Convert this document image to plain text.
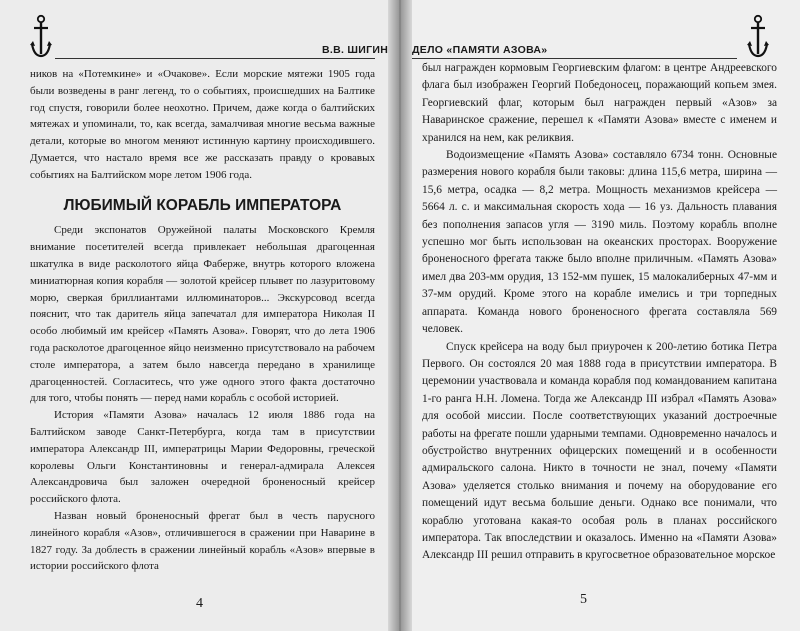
В.В. ШИГИН

ников на «Потемкине» и «Очакове». Если морские мятежи 1905 года были возведены в ранг легенд, то о событиях, происшедших на Балтике год спустя, говорили более неохотно. Причем, даже когда о балтийских мятежах и упоминали, то, как всегда, замалчивая многие весьма важные детали, которые во многом меняют истинную картину происходившего. Думается, что настало время все же рассказать правду о кровавых событиях на Балтийском море летом 1906 года.

ЛЮБИМЫЙ КОРАБЛЬ ИМПЕРАТОРА

Среди экспонатов Оружейной палаты Московского Кремля внимание посетителей всегда привлекает небольшая драгоценная шкатулка в виде расколотого яйца Фаберже, внутрь которого вложена миниатюрная копия корабля — золотой крейсер плывет по лазуритовому морю, сверкая бриллиантами иллюминаторов... Экскурсовод всегда пояснит, что так даритель яйца запечатал для императора Николая II особо любимый им крейсер «Память Азова». Говорят, что до лета 1906 года расколотое драгоценное яйцо неизменно присутствовало на рабочем столе императора, а затем было навсегда передано в хранилище драгоценностей. Согласитесь, что уже одного этого факта достаточно для того, чтобы понять — перед нами корабль с особой историей.

История «Памяти Азова» началась 12 июля 1886 года на Балтийском заводе Санкт-Петербурга, когда там в присутствии императора Александр III, императрицы Марии Федоровны, греческой королевы Ольги Константиновны и генерал-адмирала Алексея Александровича был заложен очередной броненосный крейсер российского флота.

Назван новый броненосный фрегат был в честь парусного линейного корабля «Азов», отличившегося в сражении при Наварине в 1827 году. За доблесть в сражении линейный корабль «Азов» впервые в истории российского флота

4
ДЕЛО «ПАМЯТИ АЗОВА»

был награжден кормовым Георгиевским флагом: в центре Андреевского флага был изображен Георгий Победоносец, поражающий копьем змея. Георгиевский флаг, которым был награжден первый «Азов» за Наваринское сражение, перешел к «Памяти Азова» вместе с именем и хранился на нем, как реликвия.

Водоизмещение «Память Азова» составляло 6734 тонн. Основные размерения нового корабля были таковы: длина 115,6 метра, ширина — 15,6 метра, осадка — 8,2 метра. Мощность механизмов крейсера — 5664 л. с. и максимальная скорость хода — 16 уз. Дальность плавания без пополнения запасов угля — 3190 миль. Поэтому корабль вполне успешно мог быть использован на океанских просторах. Вооружение броненосного фрегата также было вполне приличным. «Память Азова» имел два 203-мм орудия, 13 152-мм пушек, 15 малокалиберных 47-мм и 37-мм орудий. Кроме этого на корабле имелись и три торпедных аппарата. Команда нового броненосного фрегата составляла 569 человек.

Спуск крейсера на воду был приурочен к 200-летию ботика Петра Первого. Он состоялся 20 мая 1888 года в присутствии императора. В церемонии участвовала и команда корабля под командованием капитана 1-го ранга Н.Н. Ломена. Тогда же Александр III избрал «Память Азова» для особой миссии. После соответствующих указаний достроечные работы на фрегате пошли ударными темпами. Одновременно началось и обустройство внутренних офицерских помещений и в особенности адмиральского салона. Никто в точности не знал, почему «Памяти Азова» уделяется столько внимания и почему на оборудование его помещений идут весьма большие деньги. Однако все понимали, что кораблю уготована какая-то особая роль в планах российского императора. Так впоследствии и оказалось. Именно на «Памяти Азова» Александр III решил отправить в кругосветное образовательное морское

5
